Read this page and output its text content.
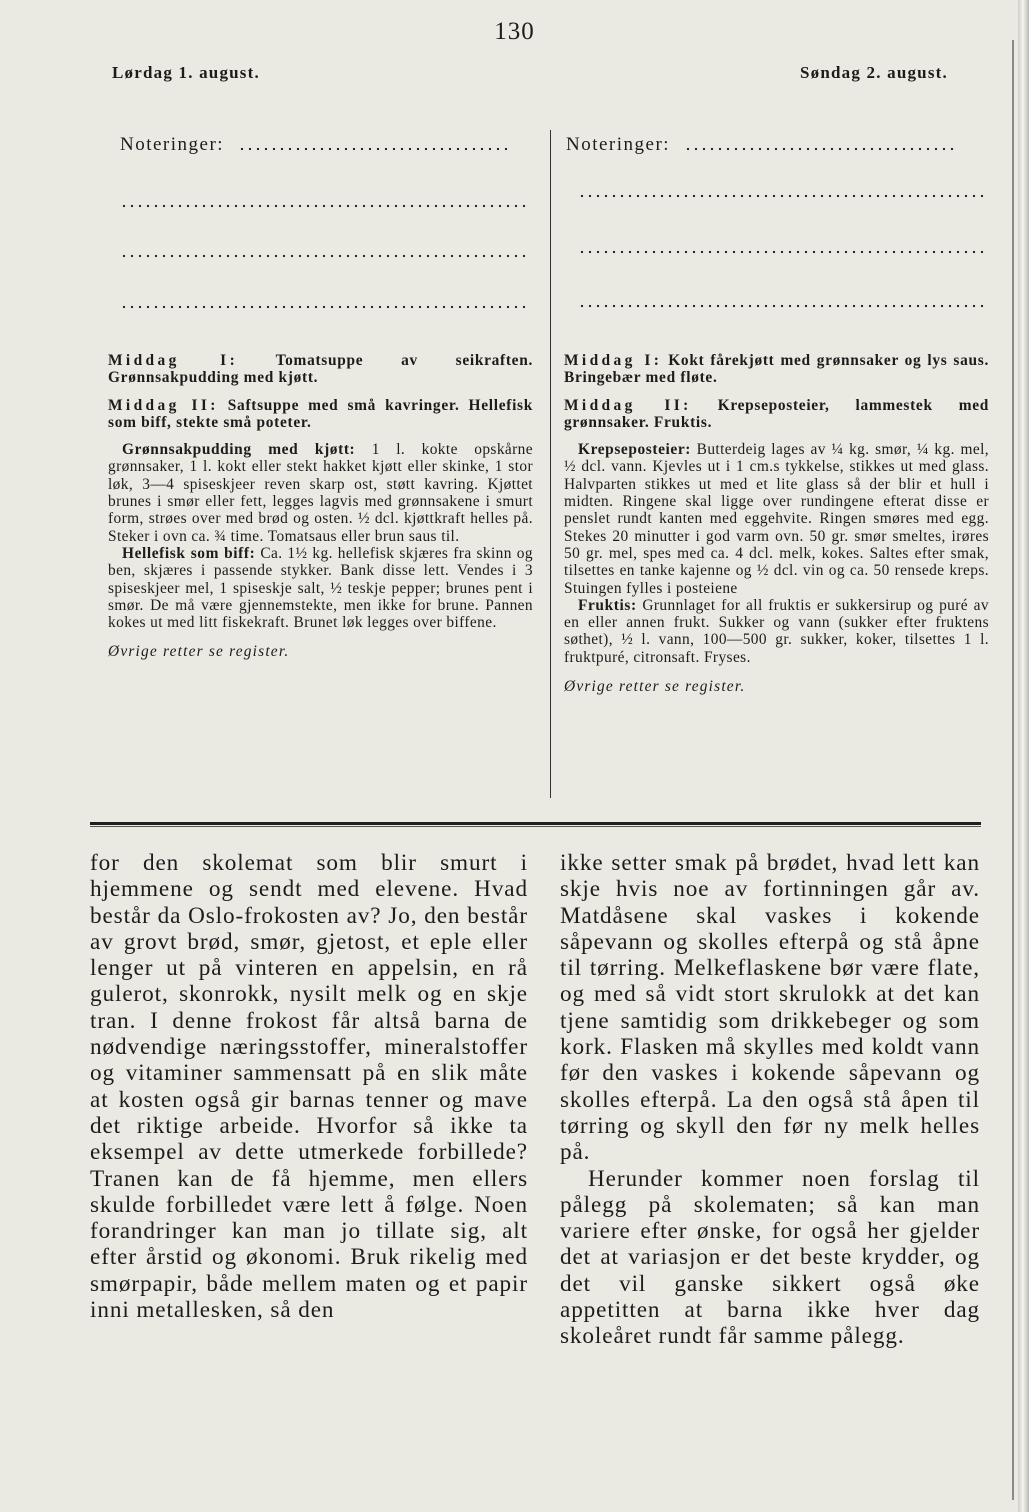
130
Lørdag 1. august.	Søndag 2. august.
Noteringer:	Noteringer:

Middag I: Tomatsuppe av seikraften. Grønnsakpudding med kjøtt.

Middag II: Saftsuppe med små kavringer. Hellefisk som biff, stekte små poteter.

Grønnsakpudding med kjøtt: 1 l. kokte opskårne grønnsaker, 1 l. kokt eller stekt hakket kjøtt eller skinke, 1 stor løk, 3—4 spiseskjeer reven skarp ost, støtt kavring. Kjøttet brunes i smør eller fett, legges lagvis med grønnsakene i smurt form, strøes over med brød og osten. ½ dcl. kjøttkraft helles på. Steker i ovn ca. ¾ time. Tomatsaus eller brun saus til.

Hellefisk som biff: Ca. 1½ kg. hellefisk skjæres fra skinn og ben, skjæres i passende stykker. Bank disse lett. Vendes i 3 spiseskjeer mel, 1 spiseskje salt, ½ teskje pepper; brunes pent i smør. De må være gjennemstekte, men ikke for brune. Pannen kokes ut med litt fiskekraft. Brunet løk legges over biffene.

Øvrige retter se register.

Middag I: Kokt fårekjøtt med grønnsaker og lys saus. Bringebær med fløte.

Middag II: Krepseposteier, lammestek med grønnsaker. Fruktis.

Krepseposteier: Butterdeig lages av ¼ kg. smør, ¼ kg. mel, ½ dcl. vann. Kjevles ut i 1 cm.s tykkelse, stikkes ut med glass. Halvparten stikkes ut med et lite glass så der blir et hull i midten. Ringene skal ligge over rundingene efterat disse er penslet rundt kanten med eggehvite. Ringen smøres med egg. Stekes 20 minutter i god varm ovn. 50 gr. smør smeltes, irøres 50 gr. mel, spes med ca. 4 dcl. melk, kokes. Saltes efter smak, tilsettes en tanke kajenne og ½ dcl. vin og ca. 50 rensede kreps. Stuingen fylles i posteiene

Fruktis: Grunnlaget for all fruktis er sukkersirup og puré av en eller annen frukt. Sukker og vann (sukker efter fruktens søthet), ½ l. vann, 100—500 gr. sukker, koker, tilsettes 1 l. fruktpuré, citronsaft. Fryses.

Øvrige retter se register.

for den skolemat som blir smurt i hjemmene og sendt med elevene. Hvad består da Oslo-frokosten av? Jo, den består av grovt brød, smør, gjetost, et eple eller lenger ut på vinteren en appelsin, en rå gulerot, skonrokk, nysilt melk og en skje tran. I denne frokost får altså barna de nødvendige næringsstoffer, mineralstoffer og vitaminer sammensatt på en slik måte at kosten også gir barnas tenner og mave det riktige arbeide. Hvorfor så ikke ta eksempel av dette utmerkede forbillede? Tranen kan de få hjemme, men ellers skulde forbilledet være lett å følge. Noen forandringer kan man jo tillate sig, alt efter årstid og økonomi. Bruk rikelig med smørpapir, både mellem maten og et papir inni metallesken, så den

ikke setter smak på brødet, hvad lett kan skje hvis noe av fortinningen går av. Matdåsene skal vaskes i kokende såpevann og skolles efterpå og stå åpne til tørring. Melkeflaskene bør være flate, og med så vidt stort skrulokk at det kan tjene samtidig som drikkebeger og som kork. Flasken må skylles med koldt vann før den vaskes i kokende såpevann og skolles efterpå. La den også stå åpen til tørring og skyll den før ny melk helles på.

Herunder kommer noen forslag til pålegg på skolematen; så kan man variere efter ønske, for også her gjelder det at variasjon er det beste krydder, og det vil ganske sikkert også øke appetitten at barna ikke hver dag skoleåret rundt får samme pålegg.
